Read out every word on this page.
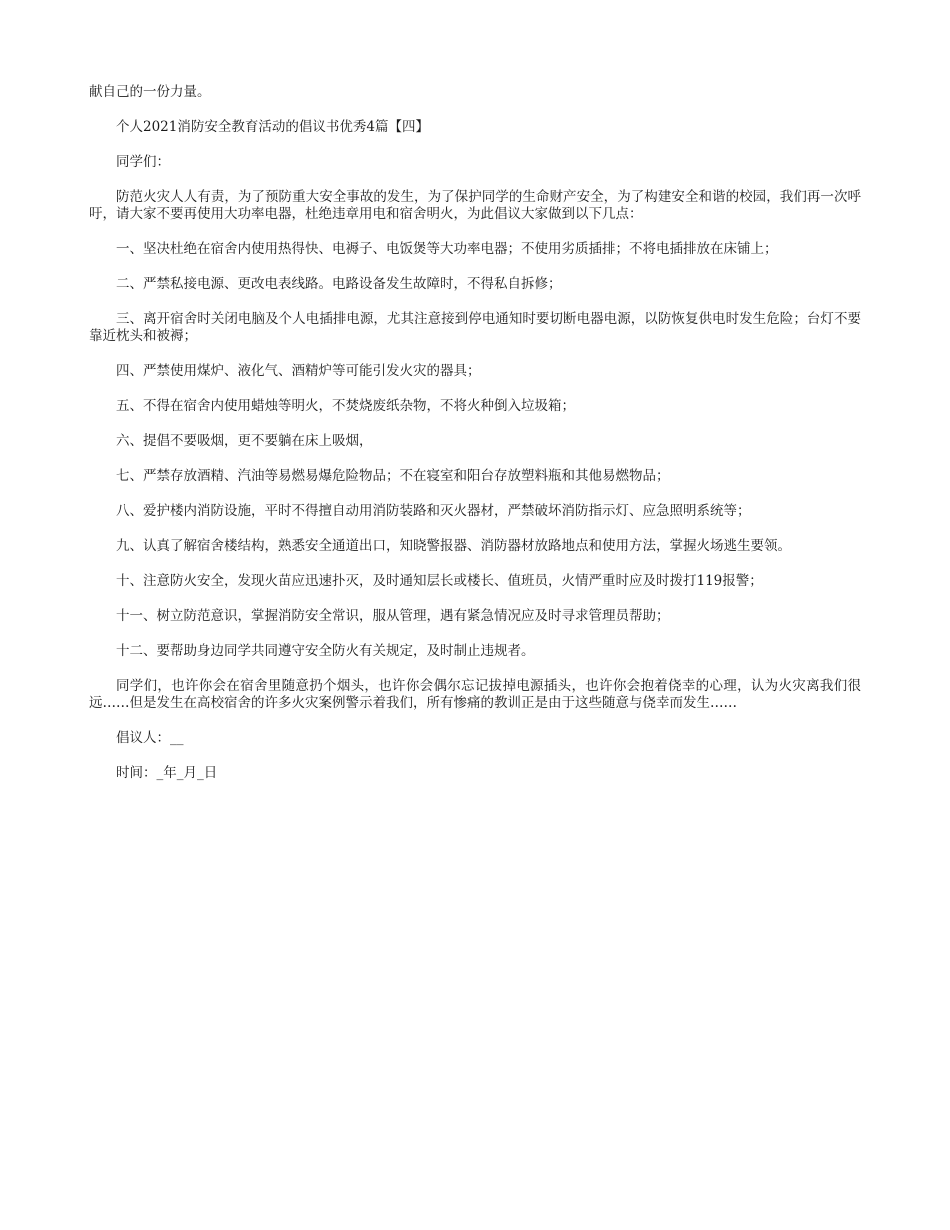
献自己的一份力量。

个人2021消防安全教育活动的倡议书优秀4篇【四】

同学们：

防范火灾人人有责，为了预防重大安全事故的发生，为了保护同学的生命财产安全，为了构建安全和谐的校园，我们再一次呼吁，请大家不要再使用大功率电器，杜绝违章用电和宿舍明火，为此倡议大家做到以下几点：

一、坚决杜绝在宿舍内使用热得快、电褥子、电饭煲等大功率电器；不使用劣质插排；不将电插排放在床铺上；

二、严禁私接电源、更改电表线路。电路设备发生故障时，不得私自拆修；

三、离开宿舍时关闭电脑及个人电插排电源，尤其注意接到停电通知时要切断电器电源，以防恢复供电时发生危险；台灯不要靠近枕头和被褥；

四、严禁使用煤炉、液化气、酒精炉等可能引发火灾的器具；

五、不得在宿舍内使用蜡烛等明火，不焚烧废纸杂物，不将火种倒入垃圾箱；

六、提倡不要吸烟，更不要躺在床上吸烟，

七、严禁存放酒精、汽油等易燃易爆危险物品；不在寝室和阳台存放塑料瓶和其他易燃物品；

八、爱护楼内消防设施，平时不得擅自动用消防装路和灭火器材，严禁破坏消防指示灯、应急照明系统等；

九、认真了解宿舍楼结构，熟悉安全通道出口，知晓警报器、消防器材放路地点和使用方法，掌握火场逃生要领。

十、注意防火安全，发现火苗应迅速扑灭，及时通知层长或楼长、值班员，火情严重时应及时拨打119报警；

十一、树立防范意识，掌握消防安全常识，服从管理，遇有紧急情况应及时寻求管理员帮助；

十二、要帮助身边同学共同遵守安全防火有关规定，及时制止违规者。

同学们，也许你会在宿舍里随意扔个烟头，也许你会偶尔忘记拔掉电源插头，也许你会抱着侥幸的心理，认为火灾离我们很远……但是发生在高校宿舍的许多火灾案例警示着我们，所有惨痛的教训正是由于这些随意与侥幸而发生……

倡议人：__

时间：_年_月_日
